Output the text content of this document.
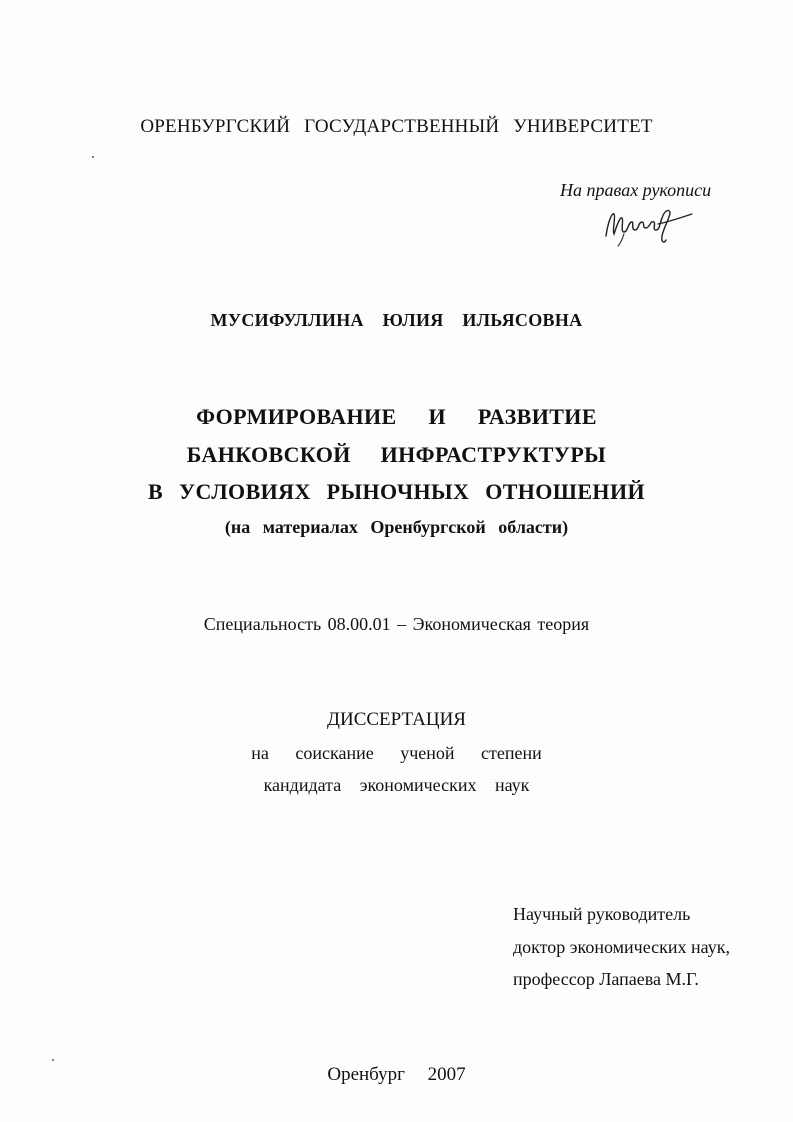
ОРЕНБУРГСКИЙ ГОСУДАРСТВЕННЫЙ УНИВЕРСИТЕТ
На правах рукописи
МУСИФУЛЛИНА ЮЛИЯ ИЛЬЯСОВНА
ФОРМИРОВАНИЕ И РАЗВИТИЕ
БАНКОВСКОЙ ИНФРАСТРУКТУРЫ
В УСЛОВИЯХ РЫНОЧНЫХ ОТНОШЕНИЙ
(на материалах Оренбургской области)
Специальность 08.00.01 – Экономическая теория
ДИССЕРТАЦИЯ
на соискание ученой степени
кандидата экономических наук
Научный руководитель
доктор экономических наук,
профессор Лапаева М.Г.
Оренбург 2007
